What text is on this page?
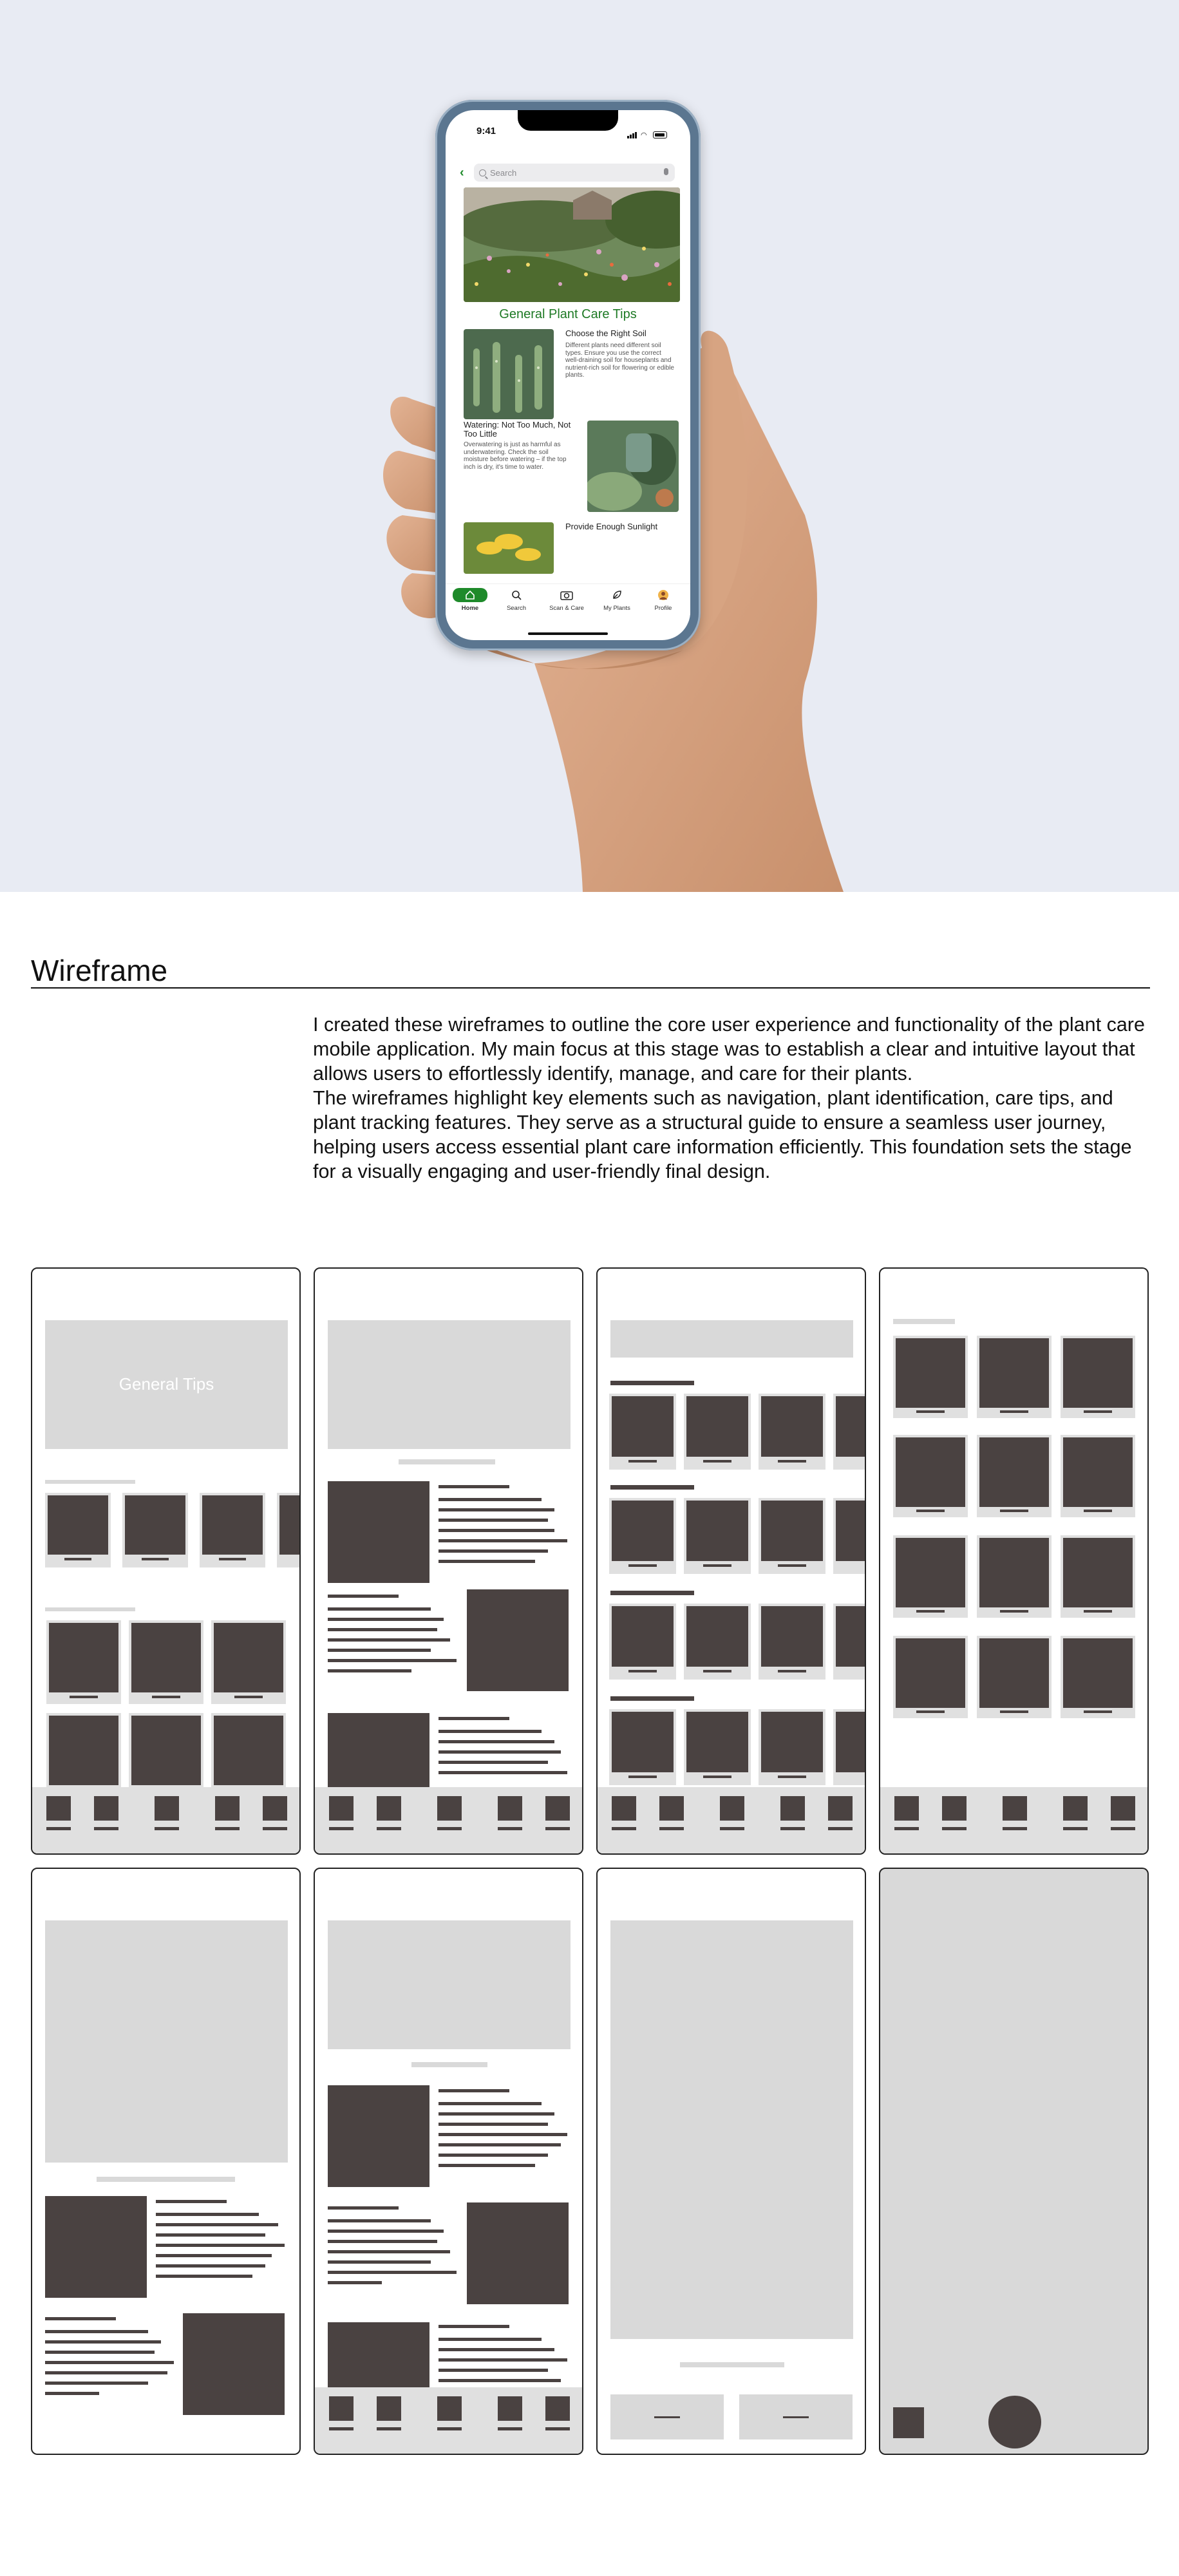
9:41	◠
‹	Search
General Plant Care Tips
Choose the Right Soil
Different plants need different soil types. Ensure you use the correct well-draining soil for houseplants and nutrient-rich soil for flowering or edible plants.
Watering: Not Too Much, Not Too Little
Overwatering is just as harmful as underwatering. Check the soil moisture before watering – if the top inch is dry, it's time to water.
Provide Enough Sunlight
Home	Search	Scan & Care	My Plants	Profile
Wireframe

I created these wireframes to outline the core user experience and functionality of the plant care mobile application. My main focus at this stage was to establish a clear and intuitive layout that allows users to effortlessly identify, manage, and care for their plants.

The wireframes highlight key elements such as navigation, plant identification, care tips, and plant tracking features. They serve as a structural guide to ensure a seamless user journey, helping users access essential plant care information efficiently. This foundation sets the stage for a visually engaging and user-friendly final design.

General Tips
